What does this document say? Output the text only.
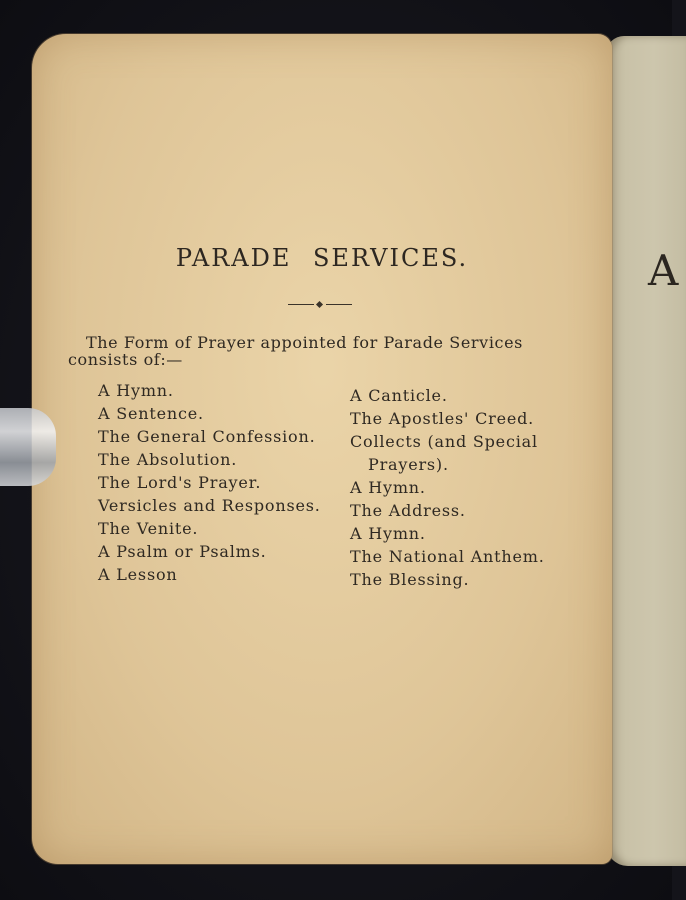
A
PARADE SERVICES.

The Form of Prayer appointed for Parade Services consists of:—

A Hymn.
A Sentence.
The General Confession.
The Absolution.
The Lord's Prayer.
Versicles and Responses.
The Venite.
A Psalm or Psalms.
A Lesson
A Canticle.
The Apostles' Creed.
Collects (and Special
Prayers).
A Hymn.
The Address.
A Hymn.
The National Anthem.
The Blessing.
